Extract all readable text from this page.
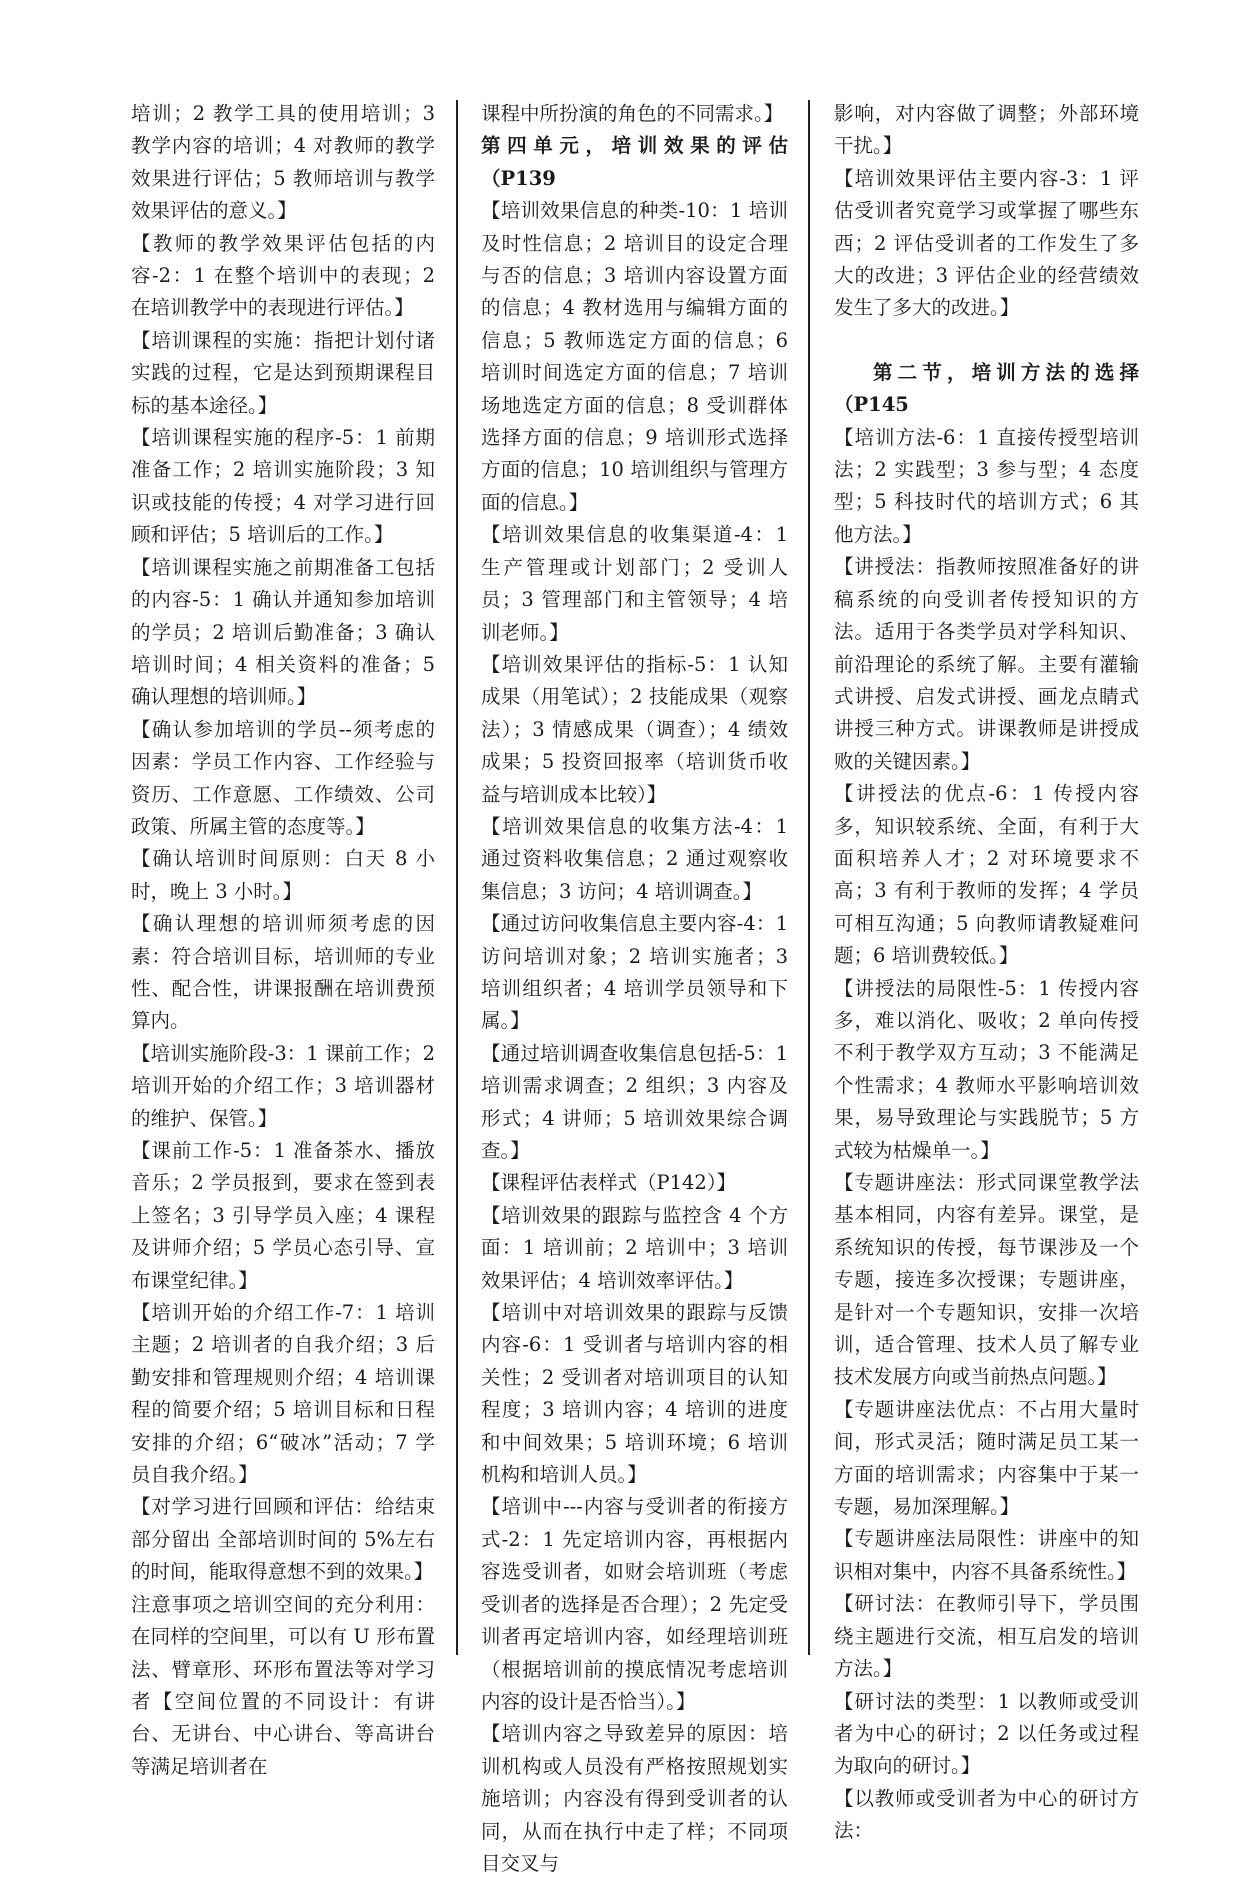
培训；2 教学工具的使用培训；3 教学内容的培训；4 对教师的教学效果进行评估；5 教师培训与教学效果评估的意义。】

【教师的教学效果评估包括的内容-2：1 在整个培训中的表现；2 在培训教学中的表现进行评估。】

【培训课程的实施：指把计划付诸实践的过程，它是达到预期课程目标的基本途径。】

【培训课程实施的程序-5：1 前期准备工作；2 培训实施阶段；3 知识或技能的传授；4 对学习进行回顾和评估；5 培训后的工作。】

【培训课程实施之前期准备工包括的内容-5：1 确认并通知参加培训的学员；2 培训后勤准备；3 确认培训时间；4 相关资料的准备；5 确认理想的培训师。】

【确认参加培训的学员--须考虑的因素：学员工作内容、工作经验与资历、工作意愿、工作绩效、公司政策、所属主管的态度等。】

【确认培训时间原则：白天 8 小时，晚上 3 小时。】

【确认理想的培训师须考虑的因素：符合培训目标，培训师的专业性、配合性，讲课报酬在培训费预算内。

【培训实施阶段-3：1 课前工作；2 培训开始的介绍工作；3 培训器材的维护、保管。】

【课前工作-5：1 准备茶水、播放音乐；2 学员报到，要求在签到表上签名；3 引导学员入座；4 课程及讲师介绍；5 学员心态引导、宣布课堂纪律。】

【培训开始的介绍工作-7：1 培训主题；2 培训者的自我介绍；3 后勤安排和管理规则介绍；4 培训课程的简要介绍；5 培训目标和日程安排的介绍；6“破冰”活动；7 学员自我介绍。】

【对学习进行回顾和评估：给结束部分留出 全部培训时间的 5%左右的时间，能取得意想不到的效果。】

注意事项之培训空间的充分利用：在同样的空间里，可以有 U 形布置法、臂章形、环形布置法等对学习者【空间位置的不同设计：有讲台、无讲台、中心讲台、等高讲台等满足培训者在

课程中所扮演的角色的不同需求。】

第四单元，培训效果的评估（P139

【培训效果信息的种类-10：1 培训及时性信息；2 培训目的设定合理与否的信息；3 培训内容设置方面的信息；4 教材选用与编辑方面的信息；5 教师选定方面的信息；6 培训时间选定方面的信息；7 培训场地选定方面的信息；8 受训群体选择方面的信息；9 培训形式选择方面的信息；10 培训组织与管理方面的信息。】

【培训效果信息的收集渠道-4：1 生产管理或计划部门；2 受训人员；3 管理部门和主管领导；4 培训老师。】

【培训效果评估的指标-5：1 认知成果（用笔试）；2 技能成果（观察法）；3 情感成果（调查）；4 绩效成果；5 投资回报率（培训货币收益与培训成本比较）】

【培训效果信息的收集方法-4：1 通过资料收集信息；2 通过观察收集信息；3 访问；4 培训调查。】

【通过访问收集信息主要内容-4：1 访问培训对象；2 培训实施者；3 培训组织者；4 培训学员领导和下属。】

【通过培训调查收集信息包括-5：1 培训需求调查；2 组织；3 内容及形式；4 讲师；5 培训效果综合调查。】

【课程评估表样式（P142）】

【培训效果的跟踪与监控含 4 个方面：1 培训前；2 培训中；3 培训效果评估；4 培训效率评估。】

【培训中对培训效果的跟踪与反馈内容-6：1 受训者与培训内容的相关性；2 受训者对培训项目的认知程度；3 培训内容；4 培训的进度和中间效果；5 培训环境；6 培训机构和培训人员。】

【培训中---内容与受训者的衔接方式-2：1 先定培训内容，再根据内容选受训者，如财会培训班（考虑受训者的选择是否合理）；2 先定受训者再定培训内容，如经理培训班（根据培训前的摸底情况考虑培训内容的设计是否恰当）。】

【培训内容之导致差异的原因：培训机构或人员没有严格按照规划实施培训；内容没有得到受训者的认同，从而在执行中走了样；不同项目交叉与

影响，对内容做了调整；外部环境干扰。】

【培训效果评估主要内容-3：1 评估受训者究竟学习或掌握了哪些东西；2 评估受训者的工作发生了多大的改进；3 评估企业的经营绩效发生了多大的改进。】

第二节，培训方法的选择（P145

【培训方法-6：1 直接传授型培训法；2 实践型；3 参与型；4 态度型；5 科技时代的培训方式；6 其他方法。】

【讲授法：指教师按照准备好的讲稿系统的向受训者传授知识的方法。适用于各类学员对学科知识、前沿理论的系统了解。主要有灌输式讲授、启发式讲授、画龙点睛式讲授三种方式。讲课教师是讲授成败的关键因素。】

【讲授法的优点-6：1 传授内容多，知识较系统、全面，有利于大面积培养人才；2 对环境要求不高；3 有利于教师的发挥；4 学员可相互沟通；5 向教师请教疑难问题；6 培训费较低。】

【讲授法的局限性-5：1 传授内容多，难以消化、吸收；2 单向传授不利于教学双方互动；3 不能满足个性需求；4 教师水平影响培训效果，易导致理论与实践脱节；5 方式较为枯燥单一。】

【专题讲座法：形式同课堂教学法基本相同，内容有差异。课堂，是系统知识的传授，每节课涉及一个专题，接连多次授课；专题讲座，是针对一个专题知识，安排一次培训，适合管理、技术人员了解专业技术发展方向或当前热点问题。】

【专题讲座法优点：不占用大量时间，形式灵活；随时满足员工某一方面的培训需求；内容集中于某一专题，易加深理解。】

【专题讲座法局限性：讲座中的知识相对集中，内容不具备系统性。】

【研讨法：在教师引导下，学员围绕主题进行交流，相互启发的培训方法。】

【研讨法的类型：1 以教师或受训者为中心的研讨；2 以任务或过程为取向的研讨。】

【以教师或受训者为中心的研讨方法：
